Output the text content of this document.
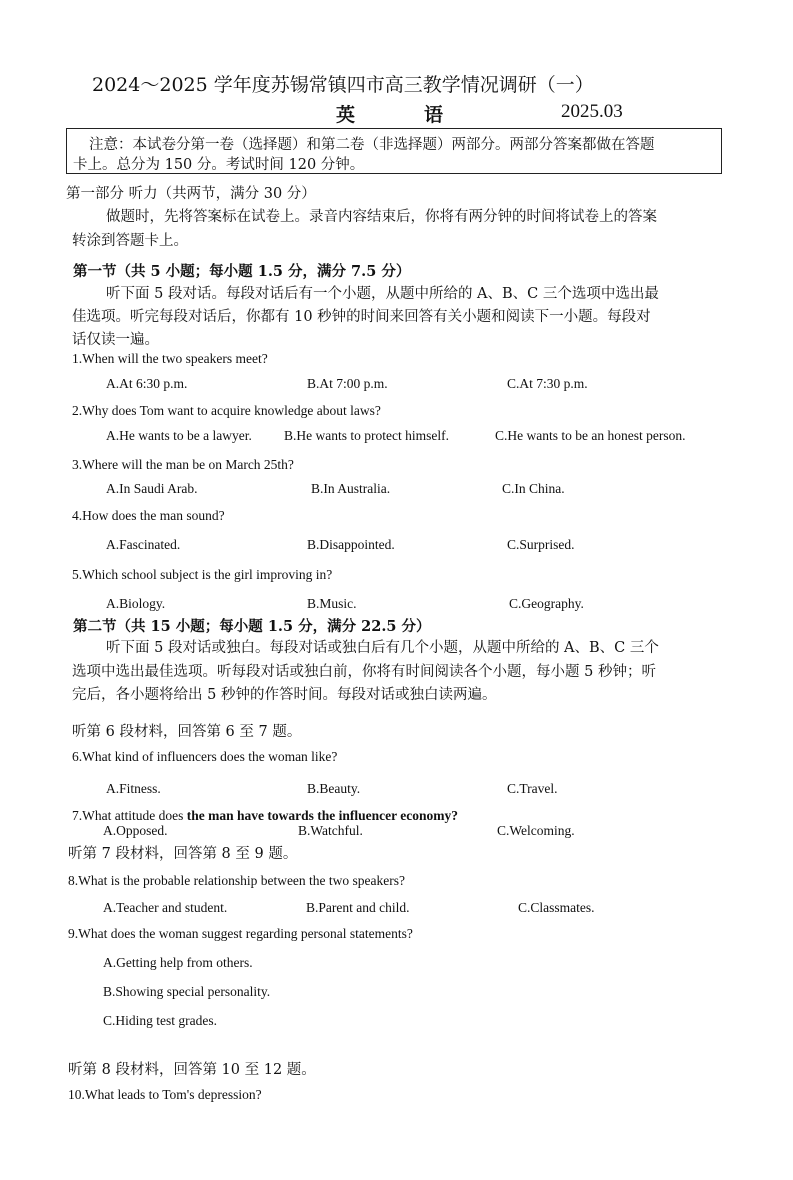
2024～2025 学年度苏锡常镇四市高三教学情况调研（一）
英	语	2025.03
注意：本试卷分第一卷（选择题）和第二卷（非选择题）两部分。两部分答案都做在答题
卡上。总分为 150 分。考试时间 120 分钟。
第一部分 听力（共两节，满分 30 分）
做题时，先将答案标在试卷上。录音内容结束后，你将有两分钟的时间将试卷上的答案
转涂到答题卡上。
第一节（共 5 小题；每小题 1.5 分，满分 7.5 分）
听下面 5 段对话。每段对话后有一个小题，从题中所给的 A、B、C 三个选项中选出最
佳选项。听完每段对话后，你都有 10 秒钟的时间来回答有关小题和阅读下一小题。每段对
话仅读一遍。
1.When will the two speakers meet?
A.At 6:30 p.m.	B.At 7:00 p.m.	C.At 7:30 p.m.
2.Why does Tom want to acquire knowledge about laws?
A.He wants to be a lawyer. B.He wants to protect himself.	C.He wants to be an honest person.
3.Where will the man be on March 25th?
A.In Saudi Arab.	B.In Australia.	C.In China.
4.How does the man sound?
A.Fascinated.	B.Disappointed.	C.Surprised.
5.Which school subject is the girl improving in?
A.Biology.	B.Music.	C.Geography.
第二节（共 15 小题；每小题 1.5 分，满分 22.5 分）
听下面 5 段对话或独白。每段对话或独白后有几个小题，从题中所给的 A、B、C 三个
选项中选出最佳选项。听每段对话或独白前，你将有时间阅读各个小题，每小题 5 秒钟；听
完后，各小题将给出 5 秒钟的作答时间。每段对话或独白读两遍。
听第 6 段材料，回答第 6 至 7 题。
6.What kind of influencers does the woman like?
A.Fitness.	B.Beauty.	C.Travel.
7.What attitude does the man have towards the influencer economy?
A.Opposed.	B.Watchful.	C.Welcoming.
听第 7 段材料，回答第 8 至 9 题。
8.What is the probable relationship between the two speakers?
A.Teacher and student.	B.Parent and child.	C.Classmates.
9.What does the woman suggest regarding personal statements?
A.Getting help from others.
B.Showing special personality.
C.Hiding test grades.
听第 8 段材料，回答第 10 至 12 题。
10.What leads to Tom's depression?
